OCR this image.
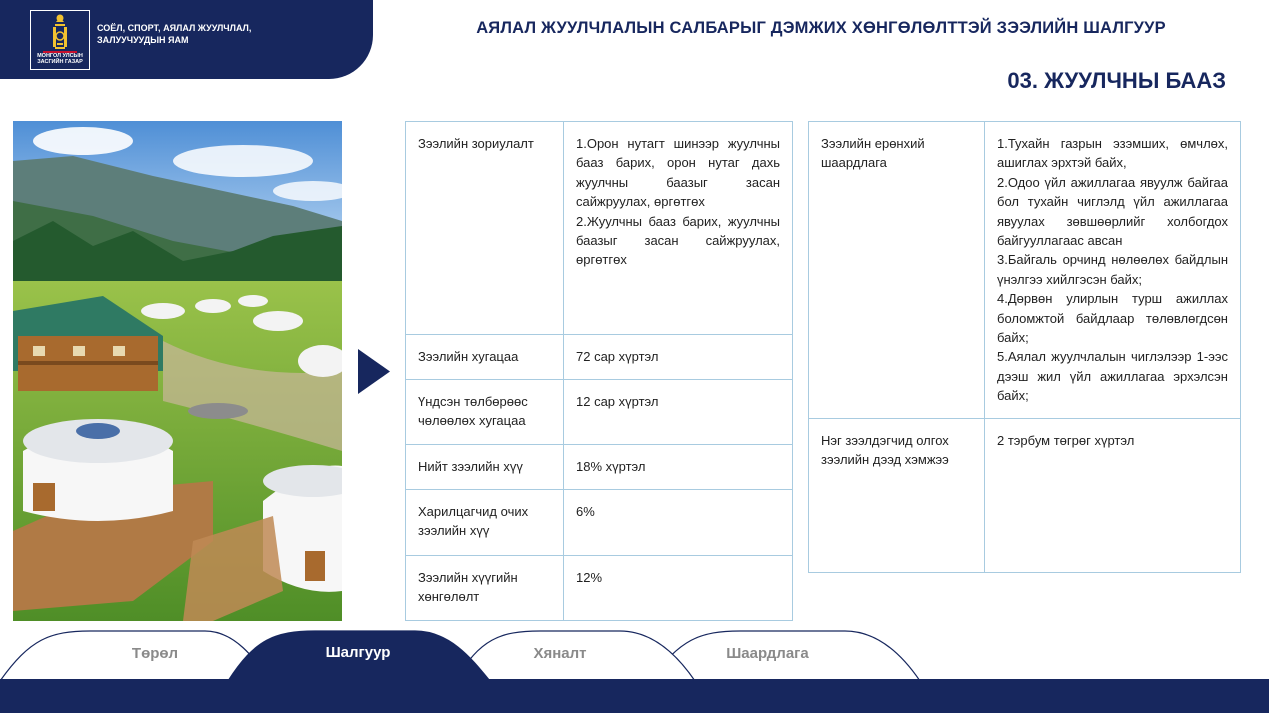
МОНГОЛ УЛСЫН
ЗАСГИЙН ГАЗАР
СОЁЛ, СПОРТ, АЯЛАЛ ЖУУЛЧЛАЛ, ЗАЛУУЧУУДЫН ЯАМ
АЯЛАЛ ЖУУЛЧЛАЛЫН САЛБАРЫГ ДЭМЖИХ ХӨНГӨЛӨЛТТЭЙ ЗЭЭЛИЙН ШАЛГУУР
03. ЖУУЛЧНЫ БААЗ
Зээлийн зориулалт	1.Орон нутагт шинээр жуулчны бааз барих, орон нутаг дахь жуулчны баазыг засан сайжруулах, өргөтгөх
2.Жуулчны бааз барих, жуулчны баазыг засан сайжруулах, өргөтгөх
Зээлийн хугацаа	72 сар хүртэл
Үндсэн төлбөрөөс чөлөөлөх хугацаа	12 сар хүртэл
Нийт зээлийн хүү	18% хүртэл
Харилцагчид очих зээлийн хүү	6%
Зээлийн хүүгийн хөнгөлөлт	12%
Зээлийн ерөнхий шаардлага	1.Тухайн газрын эзэмших, өмчлөх, ашиглах эрхтэй байх,
2.Одоо үйл ажиллагаа явуулж байгаа бол тухайн чиглэлд үйл ажиллагаа явуулах зөвшөөрлийг холбогдох байгууллагаас авсан
3.Байгаль орчинд нөлөөлөх байдлын үнэлгээ хийлгэсэн байх;
4.Дөрвөн улирлын турш ажиллах боломжтой байдлаар төлөвлөгдсөн байх;
5.Аялал жуулчлалын чиглэлээр 1-ээс дээш жил үйл ажиллагаа эрхэлсэн байх;
Нэг зээлдэгчид олгох зээлийн дээд хэмжээ	2 тэрбум төгрөг хүртэл
Төрөл	Шалгуур	Хяналт	Шаардлага
